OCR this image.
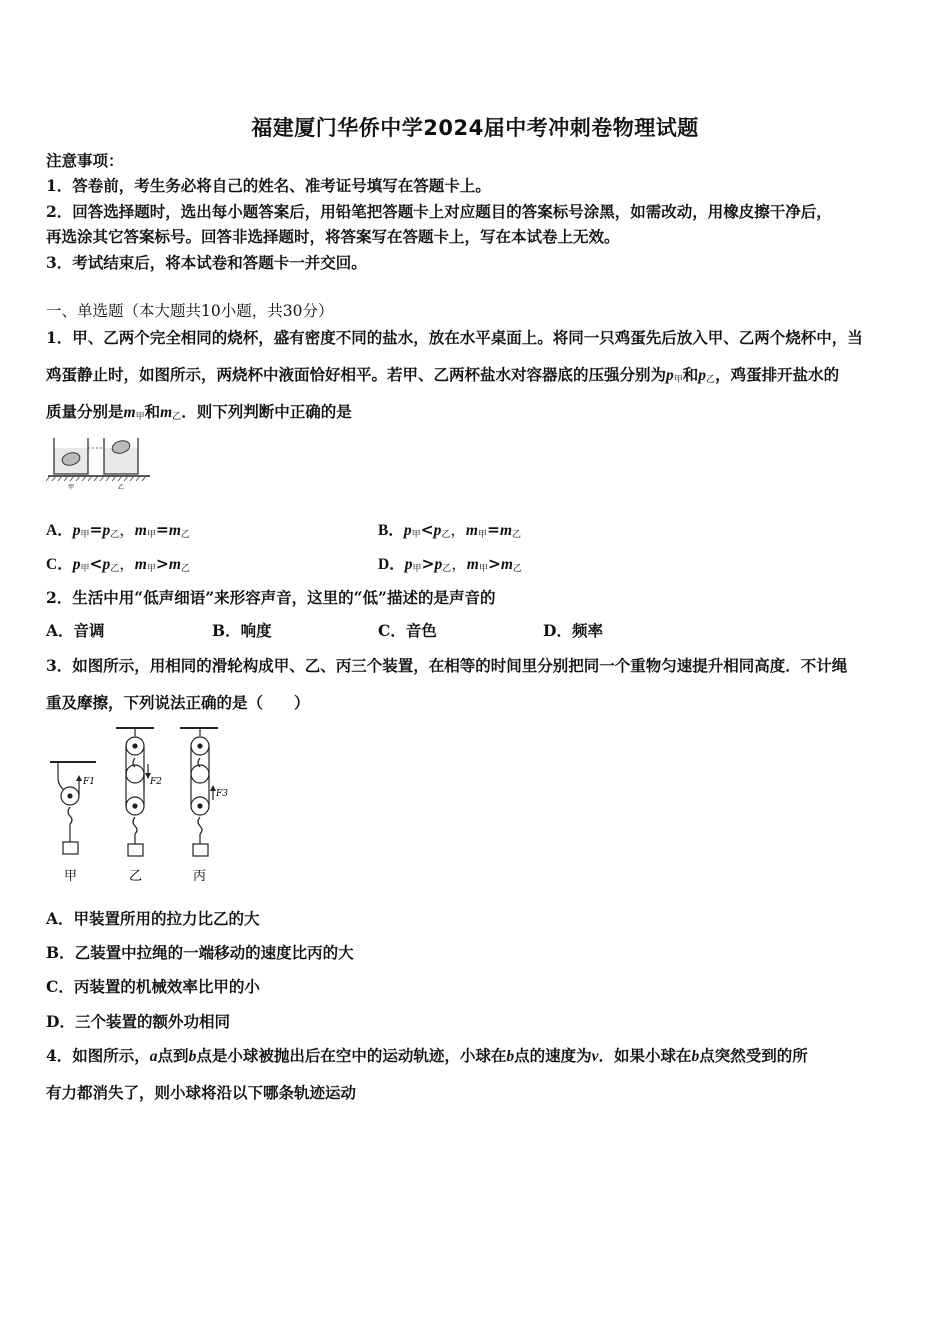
福建厦门华侨中学2024届中考冲刺卷物理试题
注意事项：
1．答卷前，考生务必将自己的姓名、准考证号填写在答题卡上。
2．回答选择题时，选出每小题答案后，用铅笔把答题卡上对应题目的答案标号涂黑，如需改动，用橡皮擦干净后，
再选涂其它答案标号。回答非选择题时，将答案写在答题卡上，写在本试卷上无效。
3．考试结束后，将本试卷和答题卡一并交回。
一、单选题（本大题共10小题，共30分）
1．甲、乙两个完全相同的烧杯，盛有密度不同的盐水，放在水平桌面上。将同一只鸡蛋先后放入甲、乙两个烧杯中，当
鸡蛋静止时，如图所示，两烧杯中液面恰好相平。若甲、乙两杯盐水对容器底的压强分别为$p_甲$和$p_乙$，鸡蛋排开盐水的
质量分别是$m_甲$和$m_乙$．则下列判断中正确的是
甲	乙
A．$p_甲=p_乙$，$m_甲=m_乙$	B．$p_甲<p_乙$，$m_甲=m_乙$
C．$p_甲<p_乙$，$m_甲>m_乙$	D．$p_甲>p_乙$，$m_甲>m_乙$
2．生活中用“低声细语”来形容声音，这里的“低”描述的是声音的
A．音调	B．响度	C．音色	D．频率
3．如图所示，用相同的滑轮构成甲、乙、丙三个装置，在相等的时间里分别把同一个重物匀速提升相同高度．不计绳
重及摩擦，下列说法正确的是（　　）
F1	F2
F3
甲	乙	丙
A．甲装置所用的拉力比乙的大
B．乙装置中拉绳的一端移动的速度比丙的大
C．丙装置的机械效率比甲的小
D．三个装置的额外功相同
4．如图所示，a点到b点是小球被抛出后在空中的运动轨迹，小球在b点的速度为v．如果小球在b点突然受到的所
有力都消失了，则小球将沿以下哪条轨迹运动
